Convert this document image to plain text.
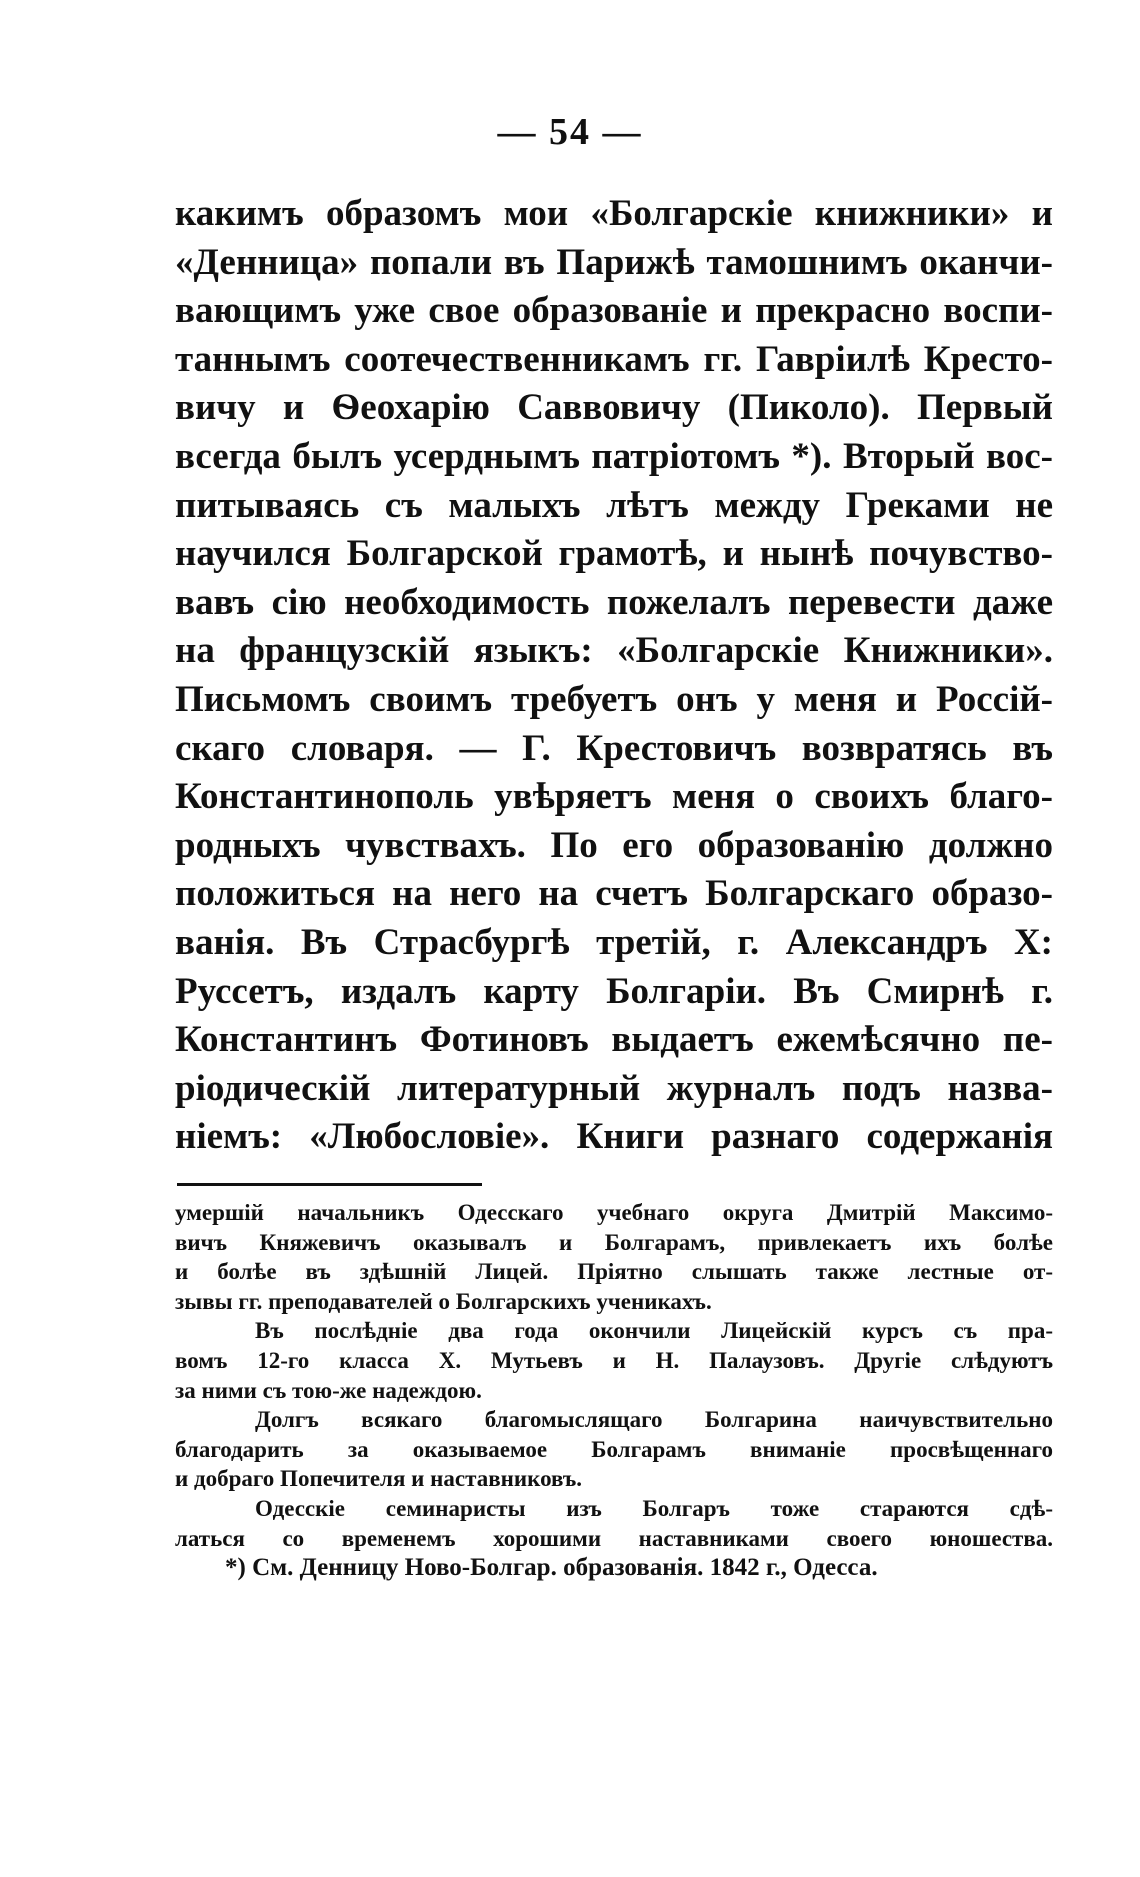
— 54 —
какимъ образомъ мои «Болгарскіе книжники» и
«Денница» попали въ Парижѣ тамошнимъ оканчи-
вающимъ уже свое образованіе и прекрасно воспи-
таннымъ соотечественникамъ гг. Гавріилѣ Кресто-
вичу и Ѳеохарію Саввовичу (Пиколо). Первый
всегда былъ усерднымъ патріотомъ *). Вторый вос-
питываясь съ малыхъ лѣтъ между Греками не
научился Болгарской грамотѣ, и нынѣ почувство-
вавъ сію необходимость пожелалъ перевести даже
на французскій языкъ: «Болгарскіе Книжники».
Письмомъ своимъ требуетъ онъ у меня и Россій-
скаго словаря. — Г. Крестовичъ возвратясь въ
Константинополь увѣряетъ меня о своихъ благо-
родныхъ чувствахъ. По его образованію должно
положиться на него на счетъ Болгарскаго образо-
ванія. Въ Страсбургѣ третій, г. Александръ Х:
Руссетъ, издалъ карту Болгаріи. Въ Смирнѣ г.
Константинъ Фотиновъ выдаетъ ежемѣсячно пе-
ріодическій литературный журналъ подъ назва-
ніемъ: «Любословіе». Книги разнаго содержанія
умершій начальникъ Одесскаго учебнаго округа Дмитрій Максимо-
вичъ Княжевичъ оказывалъ и Болгарамъ, привлекаетъ ихъ болѣе
и болѣе въ здѣшній Лицей. Пріятно слышать также лестные от-
зывы гг. преподавателей о Болгарскихъ ученикахъ.
Въ послѣдніе два года окончили Лицейскій курсъ съ пра-
вомъ 12-го класса Х. Мутьевъ и Н. Палаузовъ. Другіе слѣдуютъ
за ними съ тою-же надеждою.
Долгъ всякаго благомыслящаго Болгарина наичувствительно
благодарить за оказываемое Болгарамъ вниманіе просвѣщеннаго
и добраго Попечителя и наставниковъ.
Одесскіе семинаристы изъ Болгаръ тоже стараются сдѣ-
латься со временемъ хорошими наставниками своего юношества.
*) См. Денницу Ново-Болгар. образованія. 1842 г., Одесса.
